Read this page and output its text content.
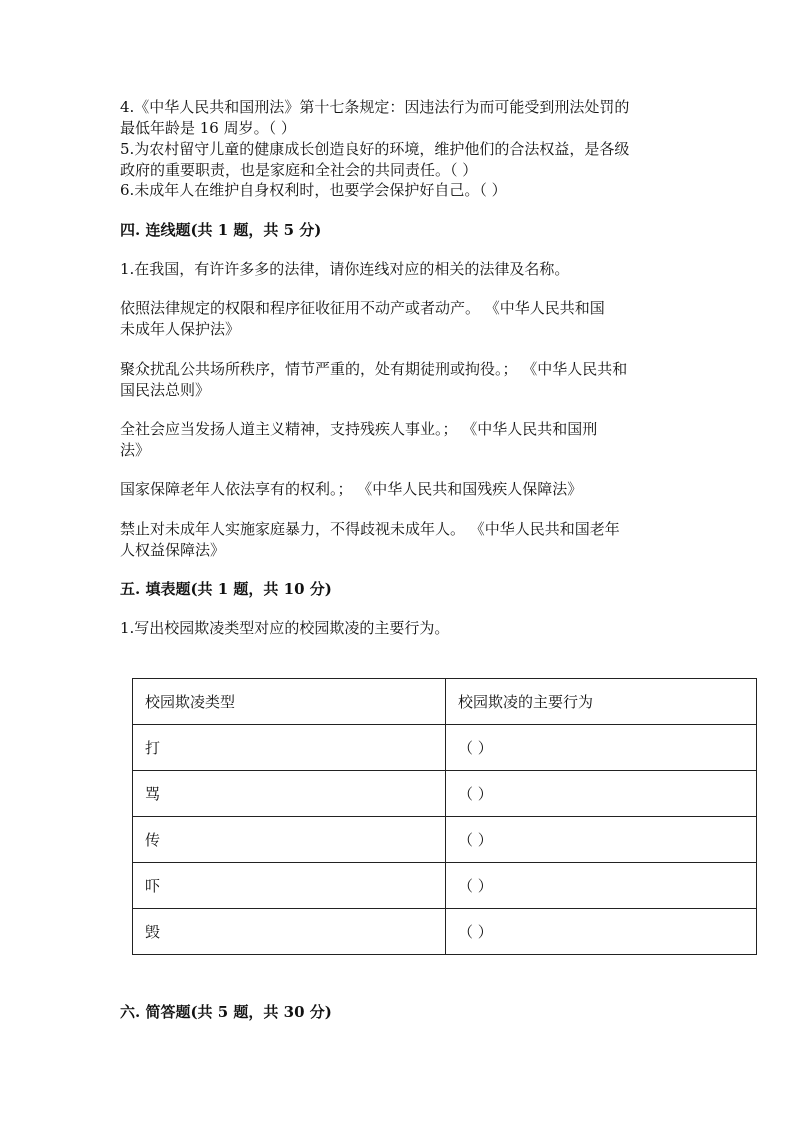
4.《中华人民共和国刑法》第十七条规定：因违法行为而可能受到刑法处罚的
最低年龄是 16 周岁。（ ）
5.为农村留守儿童的健康成长创造良好的环境，维护他们的合法权益，是各级
政府的重要职责，也是家庭和全社会的共同责任。（ ）
6.未成年人在维护自身权利时，也要学会保护好自己。（ ）
四. 连线题(共 1 题，共 5 分)
1.在我国，有许许多多的法律，请你连线对应的相关的法律及名称。
依照法律规定的权限和程序征收征用不动产或者动产。 《中华人民共和国
未成年人保护法》
聚众扰乱公共场所秩序，情节严重的，处有期徒刑或拘役。； 《中华人民共和
国民法总则》
全社会应当发扬人道主义精神，支持残疾人事业。； 《中华人民共和国刑
法》
国家保障老年人依法享有的权利。； 《中华人民共和国残疾人保障法》
禁止对未成年人实施家庭暴力，不得歧视未成年人。 《中华人民共和国老年
人权益保障法》
五. 填表题(共 1 题，共 10 分)
1.写出校园欺凌类型对应的校园欺凌的主要行为。
校园欺凌类型	校园欺凌的主要行为
打	（ ）
骂	（ ）
传	（ ）
吓	（ ）
毁	（ ）
六. 简答题(共 5 题，共 30 分)
